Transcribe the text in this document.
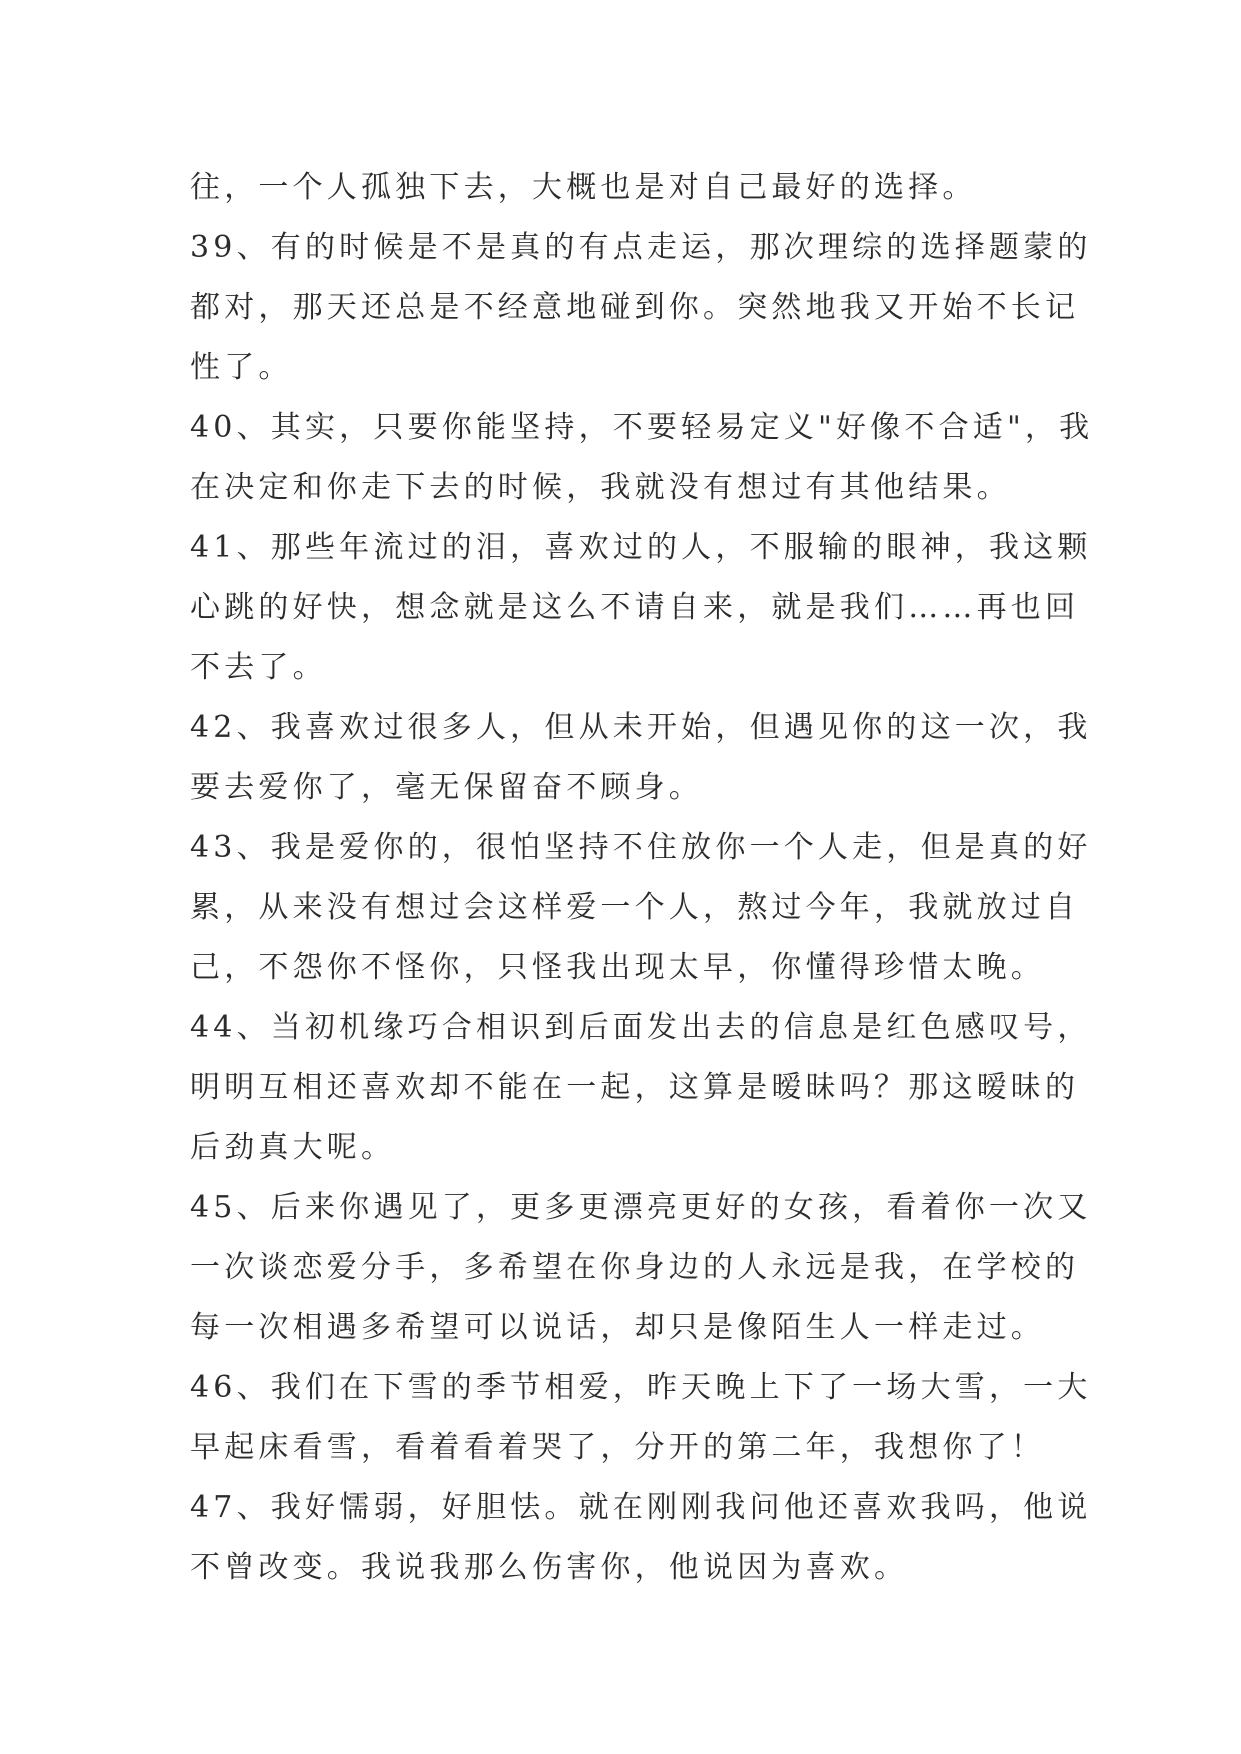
往，一个人孤独下去，大概也是对自己最好的选择。
39、有的时候是不是真的有点走运，那次理综的选择题蒙的
都对，那天还总是不经意地碰到你。突然地我又开始不长记
性了。
40、其实，只要你能坚持，不要轻易定义"好像不合适"，我
在决定和你走下去的时候，我就没有想过有其他结果。
41、那些年流过的泪，喜欢过的人，不服输的眼神，我这颗
心跳的好快，想念就是这么不请自来，就是我们……再也回
不去了。
42、我喜欢过很多人，但从未开始，但遇见你的这一次，我
要去爱你了，毫无保留奋不顾身。
43、我是爱你的，很怕坚持不住放你一个人走，但是真的好
累，从来没有想过会这样爱一个人，熬过今年，我就放过自
己，不怨你不怪你，只怪我出现太早，你懂得珍惜太晚。
44、当初机缘巧合相识到后面发出去的信息是红色感叹号，
明明互相还喜欢却不能在一起，这算是暧昧吗？那这暧昧的
后劲真大呢。
45、后来你遇见了，更多更漂亮更好的女孩，看着你一次又
一次谈恋爱分手，多希望在你身边的人永远是我，在学校的
每一次相遇多希望可以说话，却只是像陌生人一样走过。
46、我们在下雪的季节相爱，昨天晚上下了一场大雪，一大
早起床看雪，看着看着哭了，分开的第二年，我想你了！
47、我好懦弱，好胆怯。就在刚刚我问他还喜欢我吗，他说
不曾改变。我说我那么伤害你，他说因为喜欢。
